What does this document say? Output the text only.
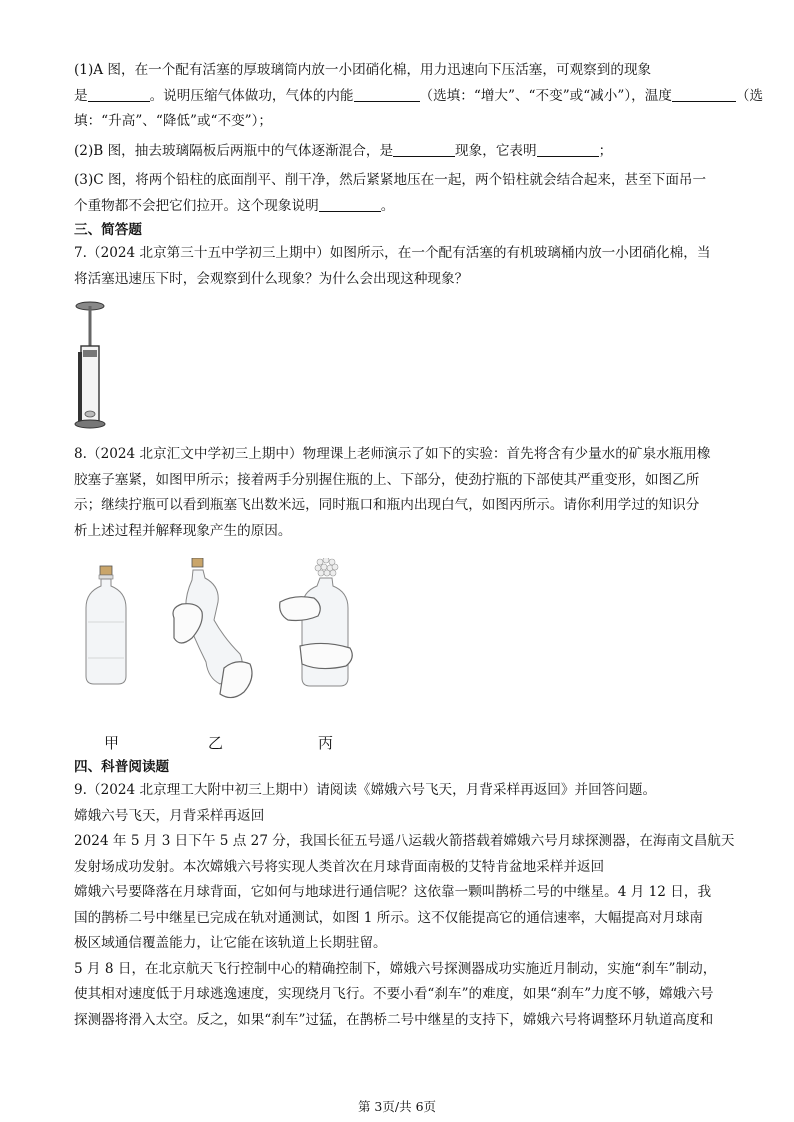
(1)A 图，在一个配有活塞的厚玻璃筒内放一小团硝化棉，用力迅速向下压活塞，可观察到的现象
是	。说明压缩气体做功，气体的内能	（选填：“增大”、“不变”或“减小”），温度	（选
填：“升高”、“降低”或“不变”）；
(2)B 图，抽去玻璃隔板后两瓶中的气体逐渐混合，是	现象，它表明	；
(3)C 图，将两个铅柱的底面削平、削干净，然后紧紧地压在一起，两个铅柱就会结合起来，甚至下面吊一
个重物都不会把它们拉开。这个现象说明	。
三、简答题
7.（2024 北京第三十五中学初三上期中）如图所示，在一个配有活塞的有机玻璃桶内放一小团硝化棉，当
将活塞迅速压下时，会观察到什么现象？为什么会出现这种现象？
8.（2024 北京汇文中学初三上期中）物理课上老师演示了如下的实验：首先将含有少量水的矿泉水瓶用橡
胶塞子塞紧，如图甲所示；接着两手分别握住瓶的上、下部分，使劲拧瓶的下部使其严重变形，如图乙所
示；继续拧瓶可以看到瓶塞飞出数米远，同时瓶口和瓶内出现白气，如图丙所示。请你利用学过的知识分
析上述过程并解释现象产生的原因。
甲	乙	丙
四、科普阅读题
9.（2024 北京理工大附中初三上期中）请阅读《嫦娥六号飞天，月背采样再返回》并回答问题。
嫦娥六号飞天，月背采样再返回
2024 年 5 月 3 日下午 5 点 27 分，我国长征五号遥八运载火箭搭载着嫦娥六号月球探测器，在海南文昌航天
发射场成功发射。本次嫦娥六号将实现人类首次在月球背面南极的艾特肯盆地采样并返回
嫦娥六号要降落在月球背面，它如何与地球进行通信呢？这依靠一颗叫鹊桥二号的中继星。4 月 12 日，我
国的鹊桥二号中继星已完成在轨对通测试，如图 1 所示。这不仅能提高它的通信速率，大幅提高对月球南
极区域通信覆盖能力，让它能在该轨道上长期驻留。
5 月 8 日，在北京航天飞行控制中心的精确控制下，嫦娥六号探测器成功实施近月制动，实施“刹车”制动，
使其相对速度低于月球逃逸速度，实现绕月飞行。不要小看“刹车”的难度，如果“刹车”力度不够，嫦娥六号
探测器将滑入太空。反之，如果“刹车”过猛，在鹊桥二号中继星的支持下，嫦娥六号将调整环月轨道高度和
第 3页/共 6页
